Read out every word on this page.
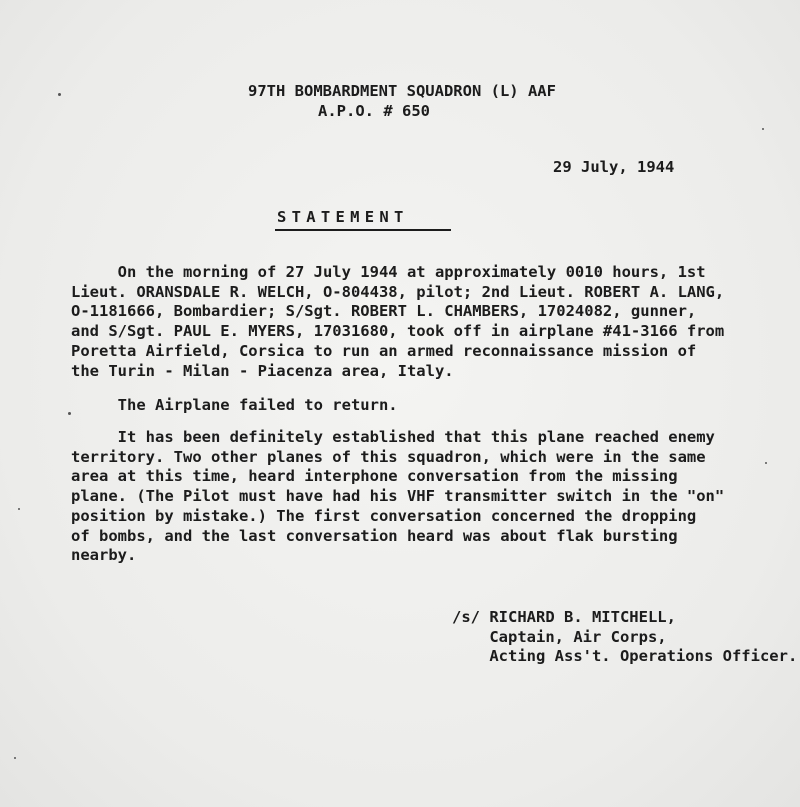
97TH BOMBARDMENT SQUADRON (L) AAF
A.P.O. # 650
29 July, 1944
STATEMENT
On the morning of 27 July 1944 at approximately 0010 hours, 1st
Lieut. ORANSDALE R. WELCH, O-804438, pilot; 2nd Lieut. ROBERT A. LANG,
O-1181666, Bombardier; S/Sgt. ROBERT L. CHAMBERS, 17024082, gunner,
and S/Sgt. PAUL E. MYERS, 17031680, took off in airplane #41-3166 from
Poretta Airfield, Corsica to run an armed reconnaissance mission of
the Turin - Milan - Piacenza area, Italy.
The Airplane failed to return.
It has been definitely established that this plane reached enemy
territory. Two other planes of this squadron, which were in the same
area at this time, heard interphone conversation from the missing
plane. (The Pilot must have had his VHF transmitter switch in the "on"
position by mistake.) The first conversation concerned the dropping
of bombs, and the last conversation heard was about flak bursting
nearby.
/s/ RICHARD B. MITCHELL,
Captain, Air Corps,
Acting Ass't. Operations Officer.
